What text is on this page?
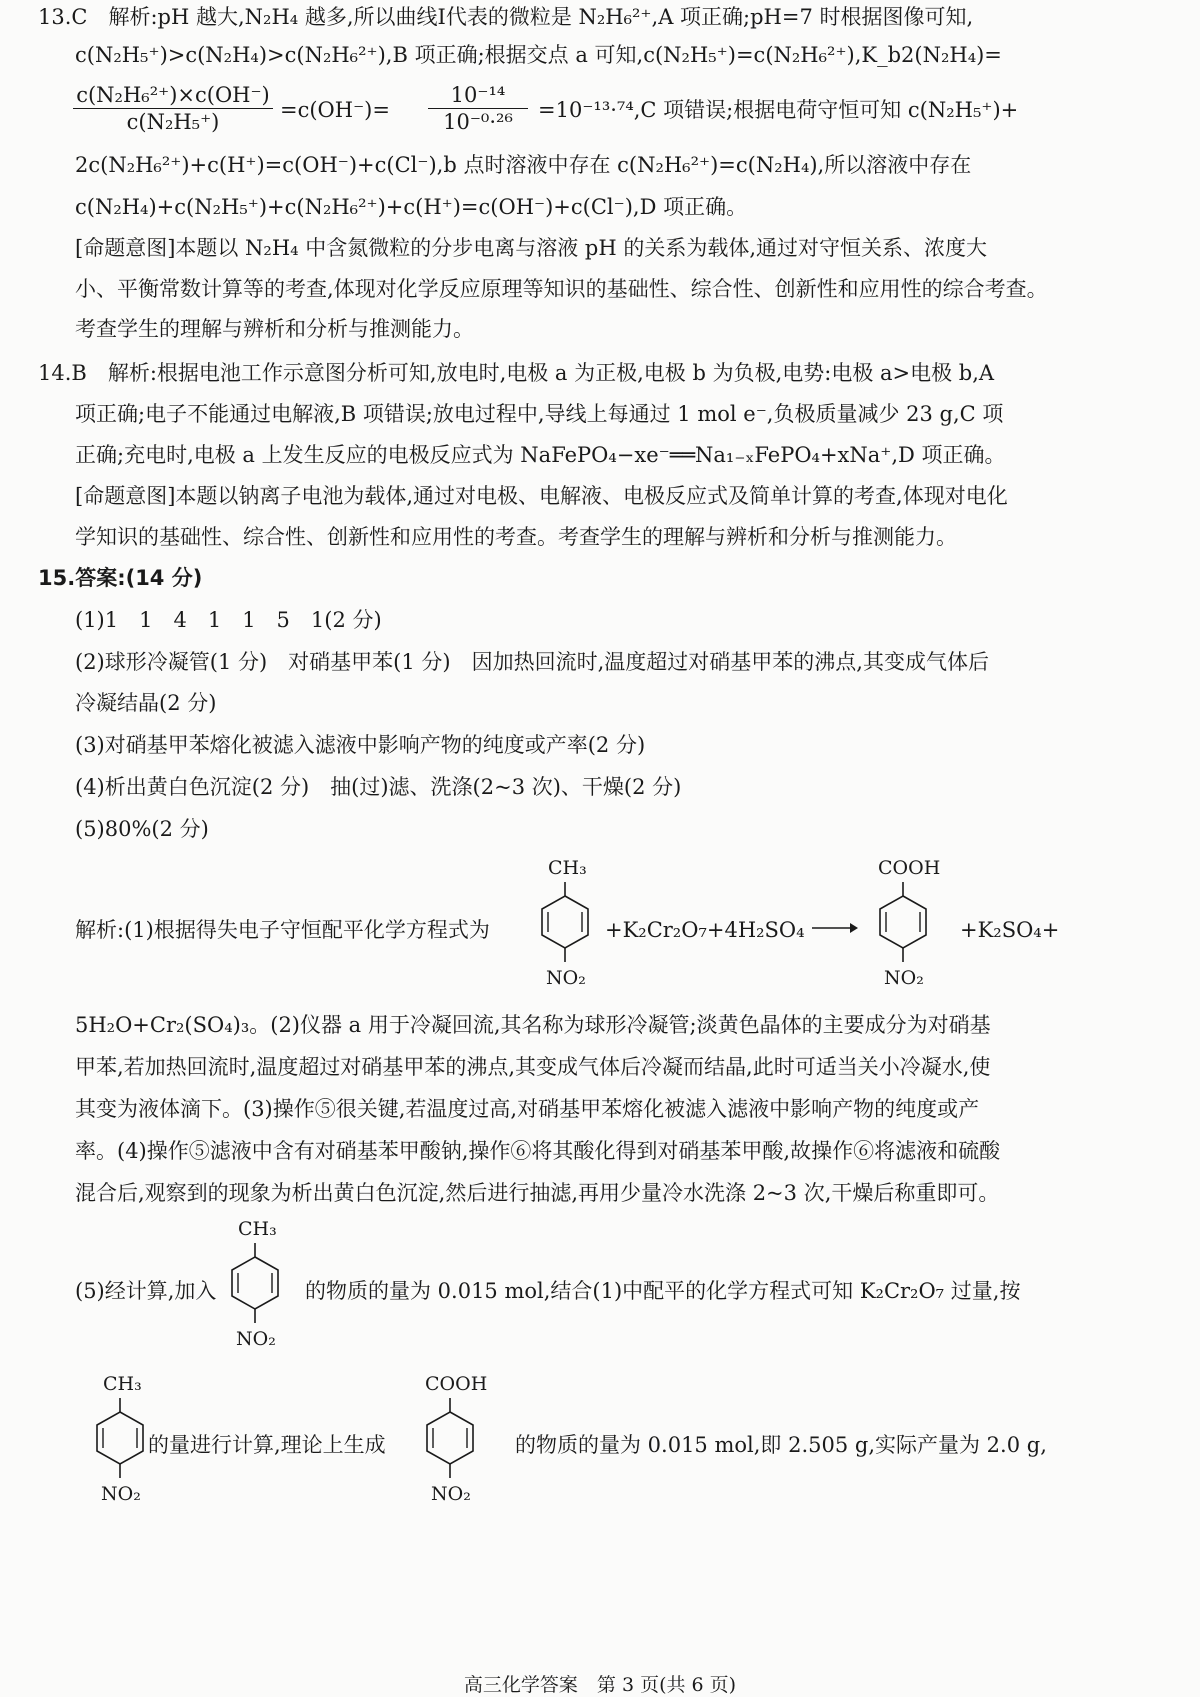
13.C　解析:pH 越大,N₂H₄ 越多,所以曲线Ⅰ代表的微粒是 N₂H₆²⁺,A 项正确;pH=7 时根据图像可知,
c(N₂H₅⁺)>c(N₂H₄)>c(N₂H₆²⁺),B 项正确;根据交点 a 可知,c(N₂H₅⁺)=c(N₂H₆²⁺),K_b2(N₂H₄)=
$\frac{\text{c(N₂H₆²⁺)×c(OH⁻)}}{\text{c(N₂H₅⁺)}} =c(OH^-)= \frac{\text{10⁻¹⁴}}{\text{10⁻⁰·²⁶}} =10^{-13}\cdot^{74},C$ 项错误;根据电荷守恒可知 c(N₂H₅⁺)+
2c(N₂H₆²⁺)+c(H⁺)=c(OH⁻)+c(Cl⁻),b 点时溶液中存在 c(N₂H₆²⁺)=c(N₂H₄),所以溶液中存在
c(N₂H₄)+c(N₂H₅⁺)+c(N₂H₆²⁺)+c(H⁺)=c(OH⁻)+c(Cl⁻),D 项正确。
[命题意图]本题以 N₂H₄ 中含氮微粒的分步电离与溶液 pH 的关系为载体,通过对守恒关系、浓度大
小、平衡常数计算等的考查,体现对化学反应原理等知识的基础性、综合性、创新性和应用性的综合考查。
考查学生的理解与辨析和分析与推测能力。
14.B　解析:根据电池工作示意图分析可知,放电时,电极 a 为正极,电极 b 为负极,电势:电极 a>电极 b,A
项正确;电子不能通过电解液,B 项错误;放电过程中,导线上每通过 1 mol e⁻,负极质量减少 23 g,C 项
正确;充电时,电极 a 上发生反应的电极反应式为 NaFePO₄−xe⁻══Na₁₋ₓFePO₄+xNa⁺,D 项正确。
[命题意图]本题以钠离子电池为载体,通过对电极、电解液、电极反应式及简单计算的考查,体现对电化
学知识的基础性、综合性、创新性和应用性的考查。考查学生的理解与辨析和分析与推测能力。
15.答案:(14 分)
(1)1　1　4　1　1　5　1(2 分)
(2)球形冷凝管(1 分)　对硝基甲苯(1 分)　因加热回流时,温度超过对硝基甲苯的沸点,其变成气体后
冷凝结晶(2 分)
(3)对硝基甲苯熔化被滤入滤液中影响产物的纯度或产率(2 分)
(4)析出黄白色沉淀(2 分)　抽(过)滤、洗涤(2~3 次)、干燥(2 分)
(5)80%(2 分)
解析:(1)根据得失电子守恒配平化学方程式为
CH₃
NO₂
+K₂Cr₂O₇+4H₂SO₄ →
COOH
NO₂
+K₂SO₄+
5H₂O+Cr₂(SO₄)₃。(2)仪器 a 用于冷凝回流,其名称为球形冷凝管;淡黄色晶体的主要成分为对硝基
甲苯,若加热回流时,温度超过对硝基甲苯的沸点,其变成气体后冷凝而结晶,此时可适当关小冷凝水,使
其变为液体滴下。(3)操作⑤很关键,若温度过高,对硝基甲苯熔化被滤入滤液中影响产物的纯度或产
率。(4)操作⑤滤液中含有对硝基苯甲酸钠,操作⑥将其酸化得到对硝基苯甲酸,故操作⑥将滤液和硫酸
混合后,观察到的现象为析出黄白色沉淀,然后进行抽滤,再用少量冷水洗涤 2~3 次,干燥后称重即可。
(5)经计算,加入
CH₃
NO₂
的物质的量为 0.015 mol,结合(1)中配平的化学方程式可知 K₂Cr₂O₇ 过量,按
CH₃
NO₂
的量进行计算,理论上生成
COOH
NO₂
的物质的量为 0.015 mol,即 2.505 g,实际产量为 2.0 g,
高三化学答案　第 3 页(共 6 页)
